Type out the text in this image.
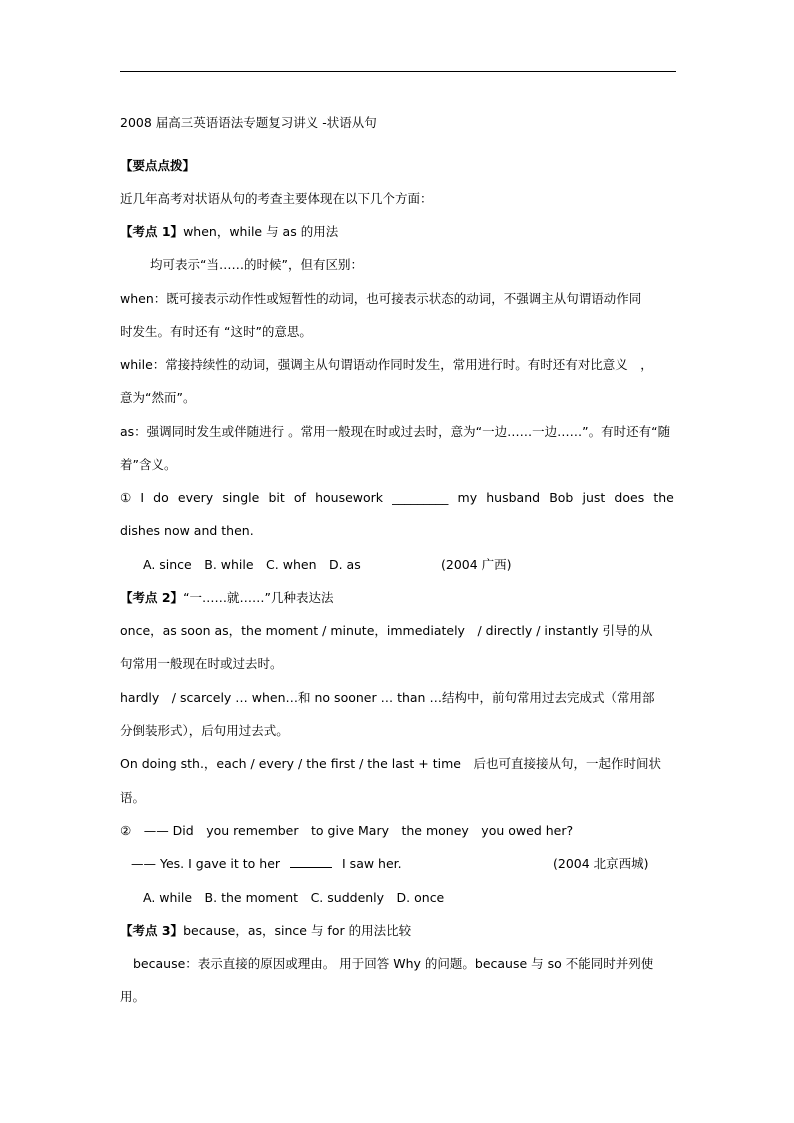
2008 届高三英语语法专题复习讲义 -状语从句
【要点点拨】
近几年高考对状语从句的考查主要体现在以下几个方面：
【考点 1】when，while 与 as 的用法
均可表示“当……的时候”，但有区别：
when：既可接表示动作性或短暂性的动词，也可接表示状态的动词，不强调主从句谓语动作同
时发生。有时还有 “这时”的意思。
while：常接持续性的动词，强调主从句谓语动作同时发生，常用进行时。有时还有对比意义　，
意为“然而”。
as：强调同时发生或伴随进行 。常用一般现在时或过去时，意为“一边……一边……”。有时还有“随
着”含义。
① I do every single bit of housework _________ my husband Bob just does the
dishes now and then.
A. since　B. while　C. when　D. as	(2004 广西)
【考点 2】“一……就……”几种表达法
once，as soon as，the moment / minute，immediately　/ directly / instantly 引导的从
句常用一般现在时或过去时。
hardly　/ scarcely … when…和 no sooner … than …结构中，前句常用过去完成式（常用部
分倒装形式），后句用过去式。
On doing sth.，each / every / the first / the last + time　后也可直接接从句，一起作时间状
语。
②　—— Did　you remember　to give Mary　the money　you owed her?
—— Yes. I gave it to her	I saw her.	(2004 北京西城)
A. while　B. the moment　C. suddenly　D. once
【考点 3】because，as，since 与 for 的用法比较
because：表示直接的原因或理由。 用于回答 Why 的问题。because 与 so 不能同时并列使
用。
